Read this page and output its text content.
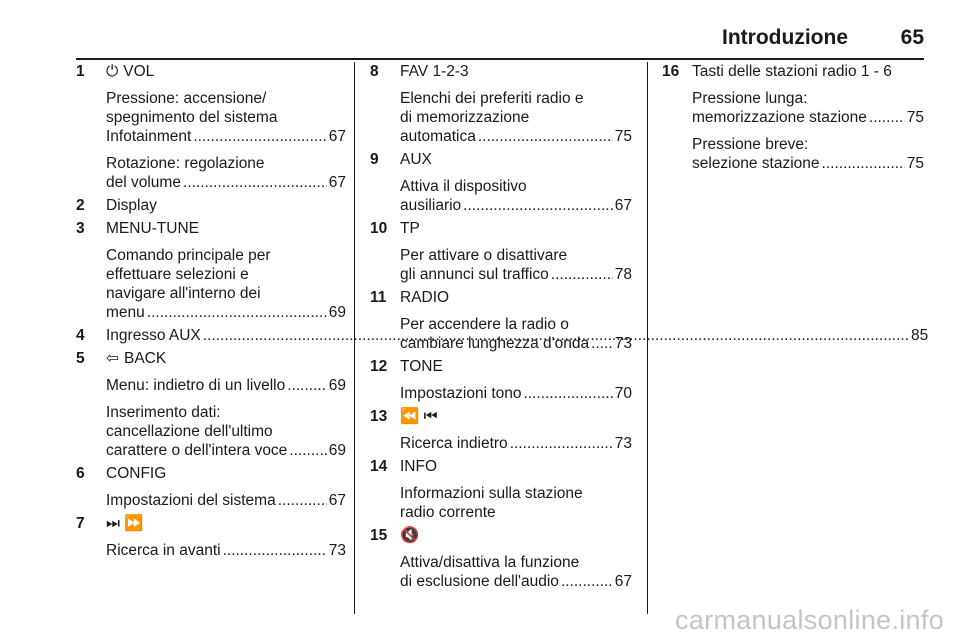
Introduzione	65
1	⏻ VOL
Pressione: accensione/
spegnimento del sistema
Infotainment .....	67
Rotazione: regolazione
del volume .....	67
2	Display
3	MENU-TUNE
Comando principale per
effettuare selezioni e
navigare all'interno dei
menu .....	69
4	Ingresso AUX .....	85
5	⇦ BACK
Menu: indietro di un livello .....	69
Inserimento dati:
cancellazione dell'ultimo
carattere o dell'intera voce .....	69
6	CONFIG
Impostazioni del sistema .....	67
7	⏭ ⏩
Ricerca in avanti .....	73
8	FAV 1-2-3
Elenchi dei preferiti radio e
di memorizzazione
automatica .....	75
9	AUX
Attiva il dispositivo
ausiliario .....	67
10 TP
Per attivare o disattivare
gli annunci sul traffico .....	78
11 RADIO
Per accendere la radio o
cambiare lunghezza d'onda ..... 73
12 TONE
Impostazioni tono .....	70
13 ⏪ ⏮
Ricerca indietro .....	73
14 INFO
Informazioni sulla stazione
radio corrente
15 🔇
Attiva/disattiva la funzione
di esclusione dell'audio .....	67
16 Tasti delle stazioni radio 1 - 6
Pressione lunga:
memorizzazione stazione .....	75
Pressione breve:
selezione stazione .....	75
carmanualsonline.info
